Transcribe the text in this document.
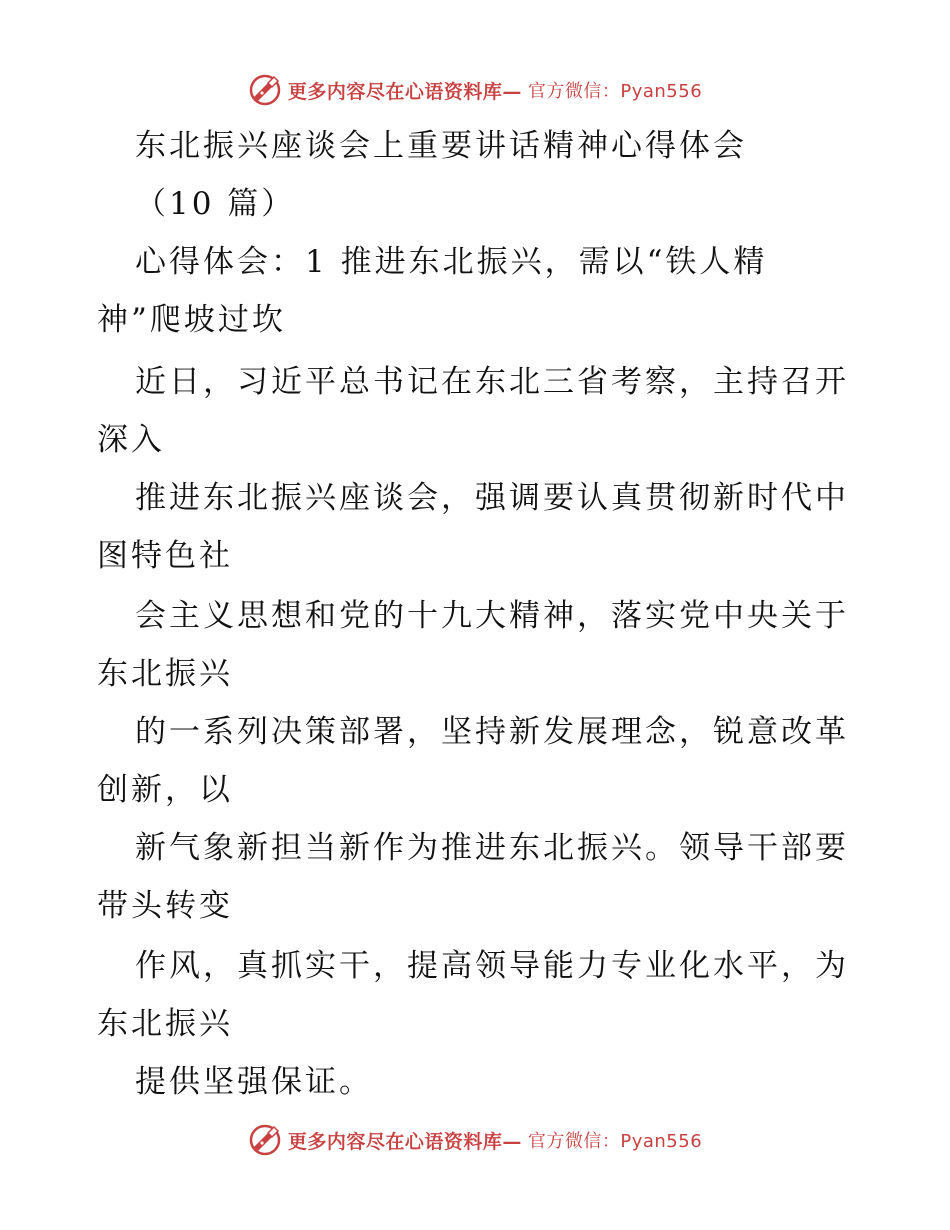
更多内容尽在心语资料库— 官方微信：Pyan556
东北振兴座谈会上重要讲话精神心得体会
（10 篇）
心得体会：1 推进东北振兴，需以“铁人精
神”爬坡过坎
近日，习近平总书记在东北三省考察，主持召开
深入
推进东北振兴座谈会，强调要认真贯彻新时代中
图特色社
会主义思想和党的十九大精神，落实党中央关于
东北振兴
的一系列决策部署，坚持新发展理念，锐意改革
创新，以
新气象新担当新作为推进东北振兴。领导干部要
带头转变
作风，真抓实干，提高领导能力专业化水平，为
东北振兴
提供坚强保证。
更多内容尽在心语资料库— 官方微信：Pyan556
